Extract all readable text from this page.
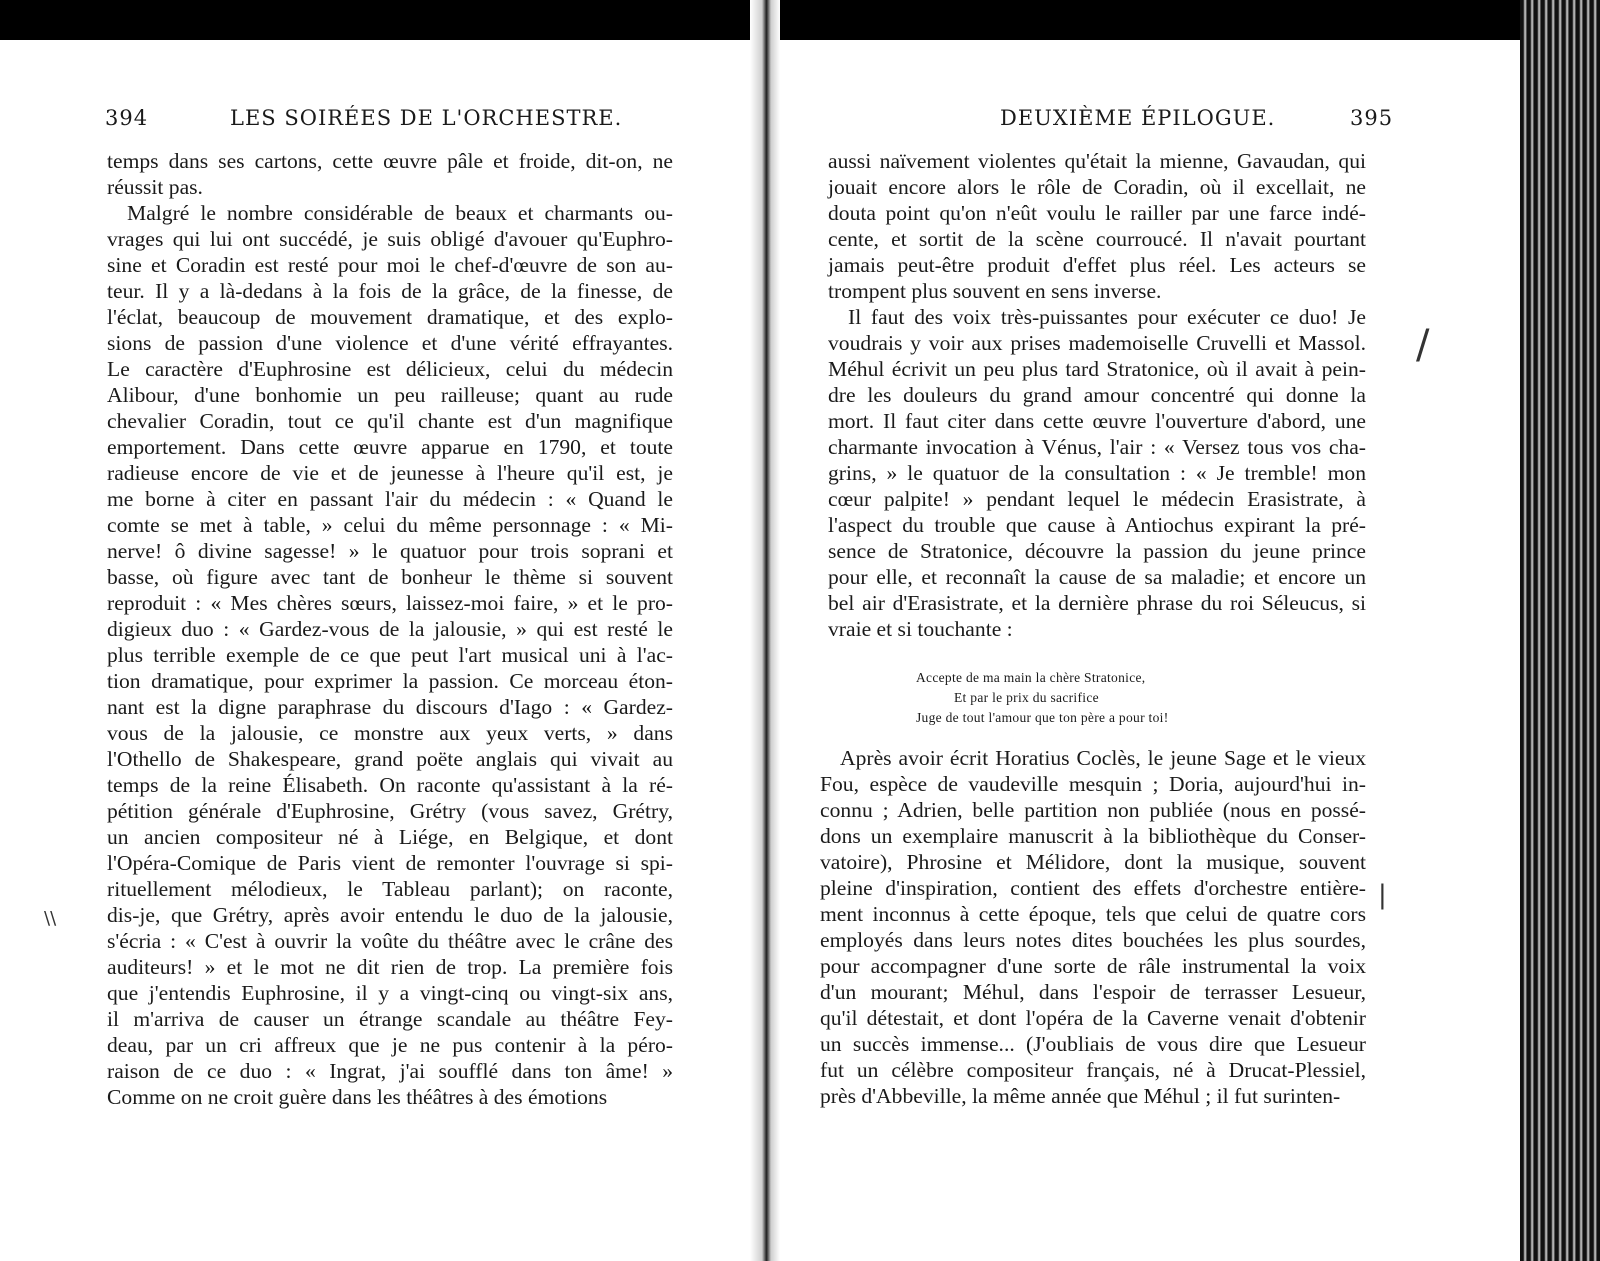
394	LES SOIRÉES DE L'ORCHESTRE.
temps dans ses cartons, cette œuvre pâle et froide, dit-on, ne
réussit pas.
Malgré le nombre considérable de beaux et charmants ou-
vrages qui lui ont succédé, je suis obligé d'avouer qu'Euphro-
sine et Coradin est resté pour moi le chef-d'œuvre de son au-
teur. Il y a là-dedans à la fois de la grâce, de la finesse, de
l'éclat, beaucoup de mouvement dramatique, et des explo-
sions de passion d'une violence et d'une vérité effrayantes.
Le caractère d'Euphrosine est délicieux, celui du médecin
Alibour, d'une bonhomie un peu railleuse; quant au rude
chevalier Coradin, tout ce qu'il chante est d'un magnifique
emportement. Dans cette œuvre apparue en 1790, et toute
radieuse encore de vie et de jeunesse à l'heure qu'il est, je
me borne à citer en passant l'air du médecin : « Quand le
comte se met à table, » celui du même personnage : « Mi-
nerve! ô divine sagesse! » le quatuor pour trois soprani et
basse, où figure avec tant de bonheur le thème si souvent
reproduit : « Mes chères sœurs, laissez-moi faire, » et le pro-
digieux duo : « Gardez-vous de la jalousie, » qui est resté le
plus terrible exemple de ce que peut l'art musical uni à l'ac-
tion dramatique, pour exprimer la passion. Ce morceau éton-
nant est la digne paraphrase du discours d'Iago : « Gardez-
vous de la jalousie, ce monstre aux yeux verts, » dans
l'Othello de Shakespeare, grand poëte anglais qui vivait au
temps de la reine Élisabeth. On raconte qu'assistant à la ré-
pétition générale d'Euphrosine, Grétry (vous savez, Grétry,
un ancien compositeur né à Liége, en Belgique, et dont
l'Opéra-Comique de Paris vient de remonter l'ouvrage si spi-
rituellement mélodieux, le Tableau parlant); on raconte,
dis-je, que Grétry, après avoir entendu le duo de la jalousie,
s'écria : « C'est à ouvrir la voûte du théâtre avec le crâne des
auditeurs! » et le mot ne dit rien de trop. La première fois
que j'entendis Euphrosine, il y a vingt-cinq ou vingt-six ans,
il m'arriva de causer un étrange scandale au théâtre Fey-
deau, par un cri affreux que je ne pus contenir à la péro-
raison de ce duo : « Ingrat, j'ai soufflé dans ton âme! »
Comme on ne croit guère dans les théâtres à des émotions
\\
DEUXIÈME ÉPILOGUE.	395
aussi naïvement violentes qu'était la mienne, Gavaudan, qui
jouait encore alors le rôle de Coradin, où il excellait, ne
douta point qu'on n'eût voulu le railler par une farce indé-
cente, et sortit de la scène courroucé. Il n'avait pourtant
jamais peut-être produit d'effet plus réel. Les acteurs se
trompent plus souvent en sens inverse.
Il faut des voix très-puissantes pour exécuter ce duo! Je
voudrais y voir aux prises mademoiselle Cruvelli et Massol.
Méhul écrivit un peu plus tard Stratonice, où il avait à pein-
dre les douleurs du grand amour concentré qui donne la
mort. Il faut citer dans cette œuvre l'ouverture d'abord, une
charmante invocation à Vénus, l'air : « Versez tous vos cha-
grins, » le quatuor de la consultation : « Je tremble! mon
cœur palpite! » pendant lequel le médecin Erasistrate, à
l'aspect du trouble que cause à Antiochus expirant la pré-
sence de Stratonice, découvre la passion du jeune prince
pour elle, et reconnaît la cause de sa maladie; et encore un
bel air d'Erasistrate, et la dernière phrase du roi Séleucus, si
vraie et si touchante :
Accepte de ma main la chère Stratonice,
Et par le prix du sacrifice
Juge de tout l'amour que ton père a pour toi!
Après avoir écrit Horatius Coclès, le jeune Sage et le vieux
Fou, espèce de vaudeville mesquin ; Doria, aujourd'hui in-
connu ; Adrien, belle partition non publiée (nous en possé-
dons un exemplaire manuscrit à la bibliothèque du Conser-
vatoire), Phrosine et Mélidore, dont la musique, souvent
pleine d'inspiration, contient des effets d'orchestre entière-
ment inconnus à cette époque, tels que celui de quatre cors
employés dans leurs notes dites bouchées les plus sourdes,
pour accompagner d'une sorte de râle instrumental la voix
d'un mourant; Méhul, dans l'espoir de terrasser Lesueur,
qu'il détestait, et dont l'opéra de la Caverne venait d'obtenir
un succès immense... (J'oubliais de vous dire que Lesueur
fut un célèbre compositeur français, né à Drucat-Plessiel,
près d'Abbeville, la même année que Méhul ; il fut surinten-
/
|
